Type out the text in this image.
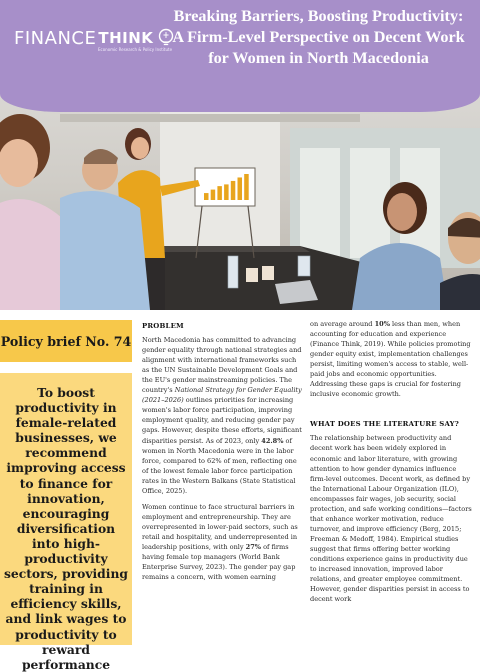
FINANCE THINK
Economic Research & Policy Institute
Breaking Barriers, Boosting Productivity:
A Firm-Level Perspective on Decent Work
for Women in North Macedonia
Policy brief No. 74

To boost productivity in female-related businesses, we recommend improving access to finance for innovation, encouraging diversification into high-productivity sectors, providing training in efficiency skills, and link wages to productivity to reward performance

PROBLEM

North Macedonia has committed to advancing gender equality through national strategies and alignment with international frameworks such as the UN Sustainable Development Goals and the EU's gender mainstreaming policies. The country's National Strategy for Gender Equality (2021–2026) outlines priorities for increasing women's labor force participation, improving employment quality, and reducing gender pay gaps. However, despite these efforts, significant disparities persist. As of 2023, only 42.8% of women in North Macedonia were in the labor force, compared to 62% of men, reflecting one of the lowest female labor force participation rates in the Western Balkans (State Statistical Office, 2025).

Women continue to face structural barriers in employment and entrepreneurship. They are overrepresented in lower-paid sectors, such as retail and hospitality, and underrepresented in leadership positions, with only 27% of firms having female top managers (World Bank Enterprise Survey, 2023). The gender pay gap remains a concern, with women earning

on average around 10% less than men, when accounting for education and experience (Finance Think, 2019). While policies promoting gender equity exist, implementation challenges persist, limiting women's access to stable, well-paid jobs and economic opportunities. Addressing these gaps is crucial for fostering inclusive economic growth.

WHAT DOES THE LITERATURE SAY?

The relationship between productivity and decent work has been widely explored in economic and labor literature, with growing attention to how gender dynamics influence firm-level outcomes. Decent work, as defined by the International Labour Organization (ILO), encompasses fair wages, job security, social protection, and safe working conditions—factors that enhance worker motivation, reduce turnover, and improve efficiency (Berg, 2015; Freeman & Medoff, 1984). Empirical studies suggest that firms offering better working conditions experience gains in productivity due to increased innovation, improved labor relations, and greater employee commitment. However, gender disparities persist in access to decent work
